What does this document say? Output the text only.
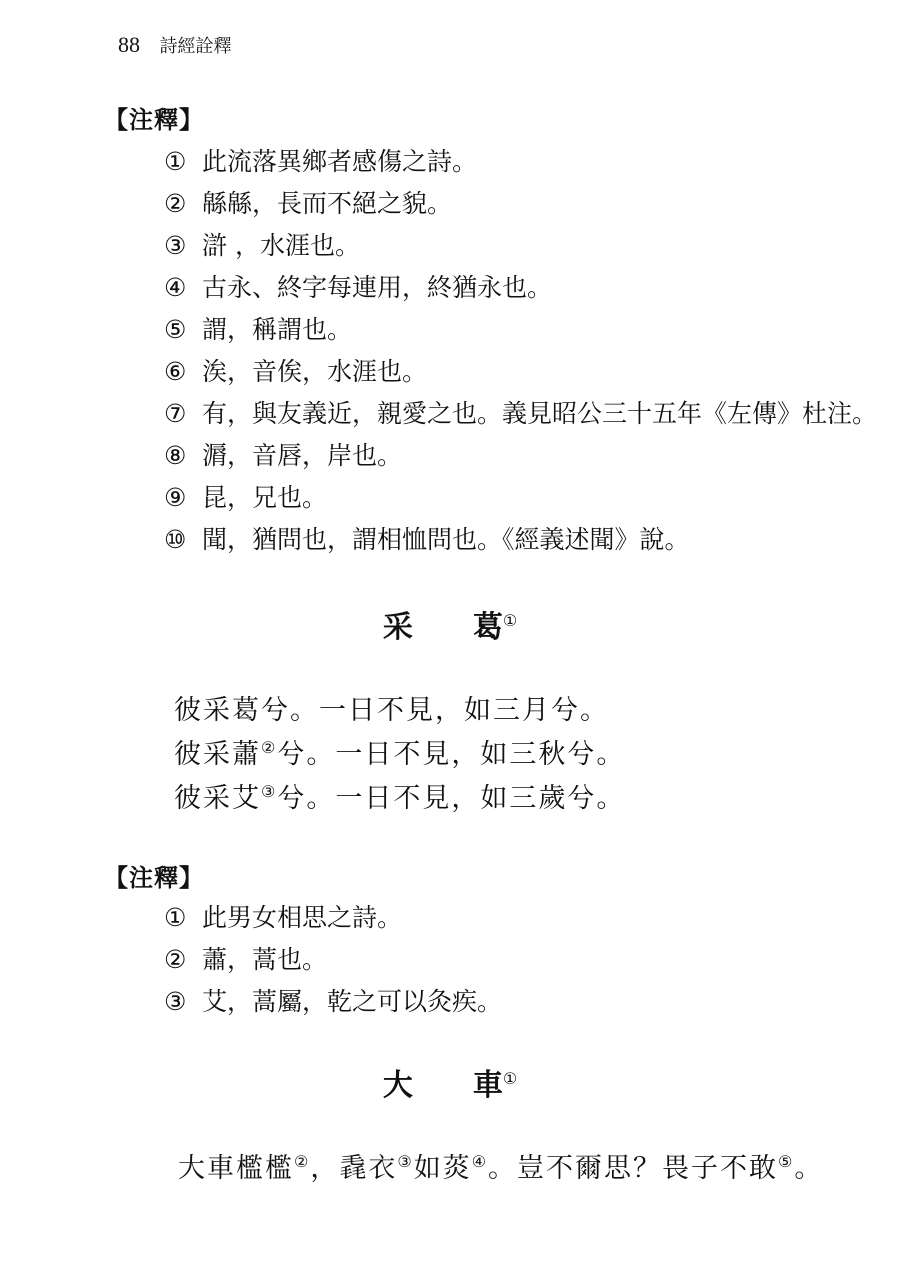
88 詩經詮釋
【注釋】
① 此流落異鄉者感傷之詩。
② 緜緜，長而不絕之貌。
③ 滸 ，水涯也。
④ 古永、終字每連用，終猶永也。
⑤ 謂，稱謂也。
⑥ 涘，音俟，水涯也。
⑦ 有，與友義近，親愛之也。義見昭公三十五年《左傳》杜注。
⑧ 漘，音唇，岸也。
⑨ 昆，兄也。
⑩ 聞，猶問也，謂相恤問也。《經義述聞》說。
采 葛①
彼采葛兮。一日不見，如三月兮。
彼采蕭②兮。一日不見，如三秋兮。
彼采艾③兮。一日不見，如三歲兮。
【注釋】
① 此男女相思之詩。
② 蕭，蒿也。
③ 艾，蒿屬，乾之可以灸疾。
大 車①
大車檻檻②，毳衣③如菼④。豈不爾思？畏子不敢⑤。
